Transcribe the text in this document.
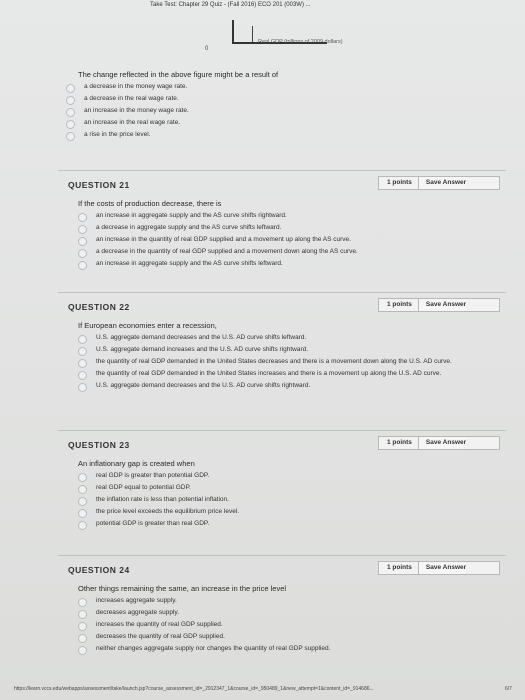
Take Test: Chapter 29 Quiz - (Fall 2016) ECO 201 (003W) ...
0
Real GDP (trillions of 2009 dollars)
The change reflected in the above figure might be a result of
a decrease in the money wage rate.
a decrease in the real wage rate.
an increase in the money wage rate.
an increase in the real wage rate.
a rise in the price level.
QUESTION 21	1 points	Save Answer
If the costs of production decrease, there is
an increase in aggregate supply and the AS curve shifts rightward.
a decrease in aggregate supply and the AS curve shifts leftward.
an increase in the quantity of real GDP supplied and a movement up along the AS curve.
a decrease in the quantity of real GDP supplied and a movement down along the AS curve.
an increase in aggregate supply and the AS curve shifts leftward.
QUESTION 22	1 points	Save Answer
If European economies enter a recession,
U.S. aggregate demand decreases and the U.S. AD curve shifts leftward.
U.S. aggregate demand increases and the U.S. AD curve shifts rightward.
the quantity of real GDP demanded in the United States decreases and there is a movement down along the U.S. AD curve.
the quantity of real GDP demanded in the United States increases and there is a movement up along the U.S. AD curve.
U.S. aggregate demand decreases and the U.S. AD curve shifts rightward.
QUESTION 23	1 points	Save Answer
An inflationary gap is created when
real GDP is greater than potential GDP.
real GDP equal to potential GDP.
the inflation rate is less than potential inflation.
the price level exceeds the equilibrium price level.
potential GDP is greater than real GDP.
QUESTION 24	1 points	Save Answer
Other things remaining the same, an increase in the price level
increases aggregate supply.
decreases aggregate supply.
increases the quantity of real GDP supplied.
decreases the quantity of real GDP supplied.
neither changes aggregate supply nor changes the quantity of real GDP supplied.
https://learn.vccs.edu/webapps/assessment/take/launch.jsp?course_assessment_id=_2912347_1&course_id=_950489_1&new_attempt=1&content_id=_914686...	6/7
